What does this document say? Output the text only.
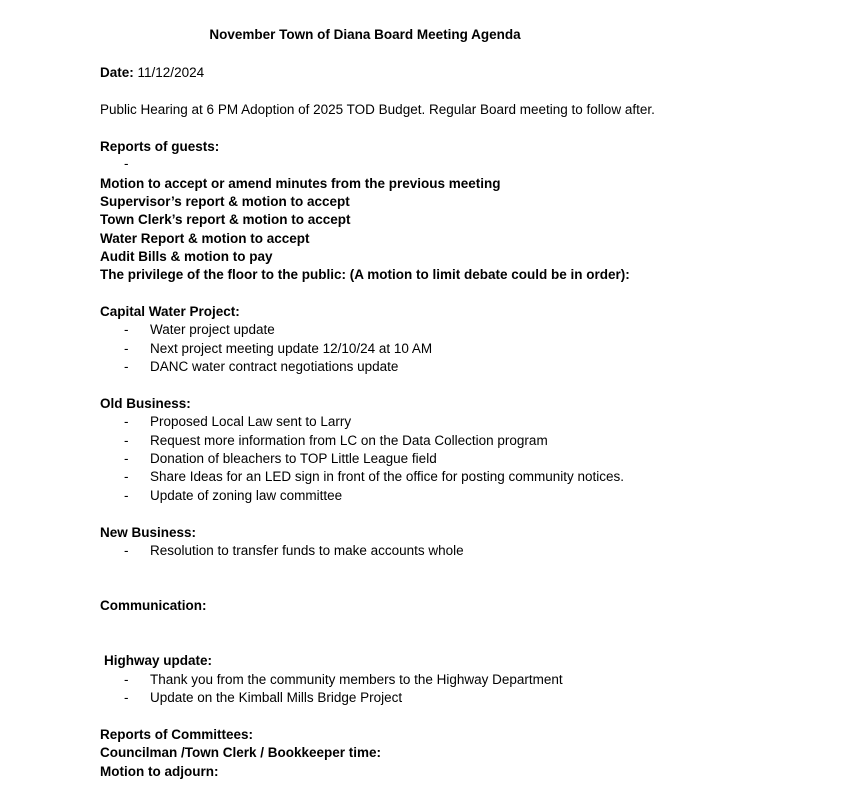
November Town of Diana Board Meeting Agenda
Date: 11/12/2024
Public Hearing at 6 PM Adoption of 2025 TOD Budget. Regular Board meeting to follow after.
Reports of guests:
-
Motion to accept or amend minutes from the previous meeting
Supervisor’s report & motion to accept
Town Clerk’s report & motion to accept
Water Report & motion to accept
Audit Bills & motion to pay
The privilege of the floor to the public: (A motion to limit debate could be in order):
Capital Water Project:
- Water project update
- Next project meeting update 12/10/24 at 10 AM
- DANC water contract negotiations update
Old Business:
- Proposed Local Law sent to Larry
- Request more information from LC on the Data Collection program
- Donation of bleachers to TOP Little League field
- Share Ideas for an LED sign in front of the office for posting community notices.
- Update of zoning law committee
New Business:
- Resolution to transfer funds to make accounts whole
Communication:
Highway update:
- Thank you from the community members to the Highway Department
- Update on the Kimball Mills Bridge Project
Reports of Committees:
Councilman /Town Clerk / Bookkeeper time:
Motion to adjourn:
